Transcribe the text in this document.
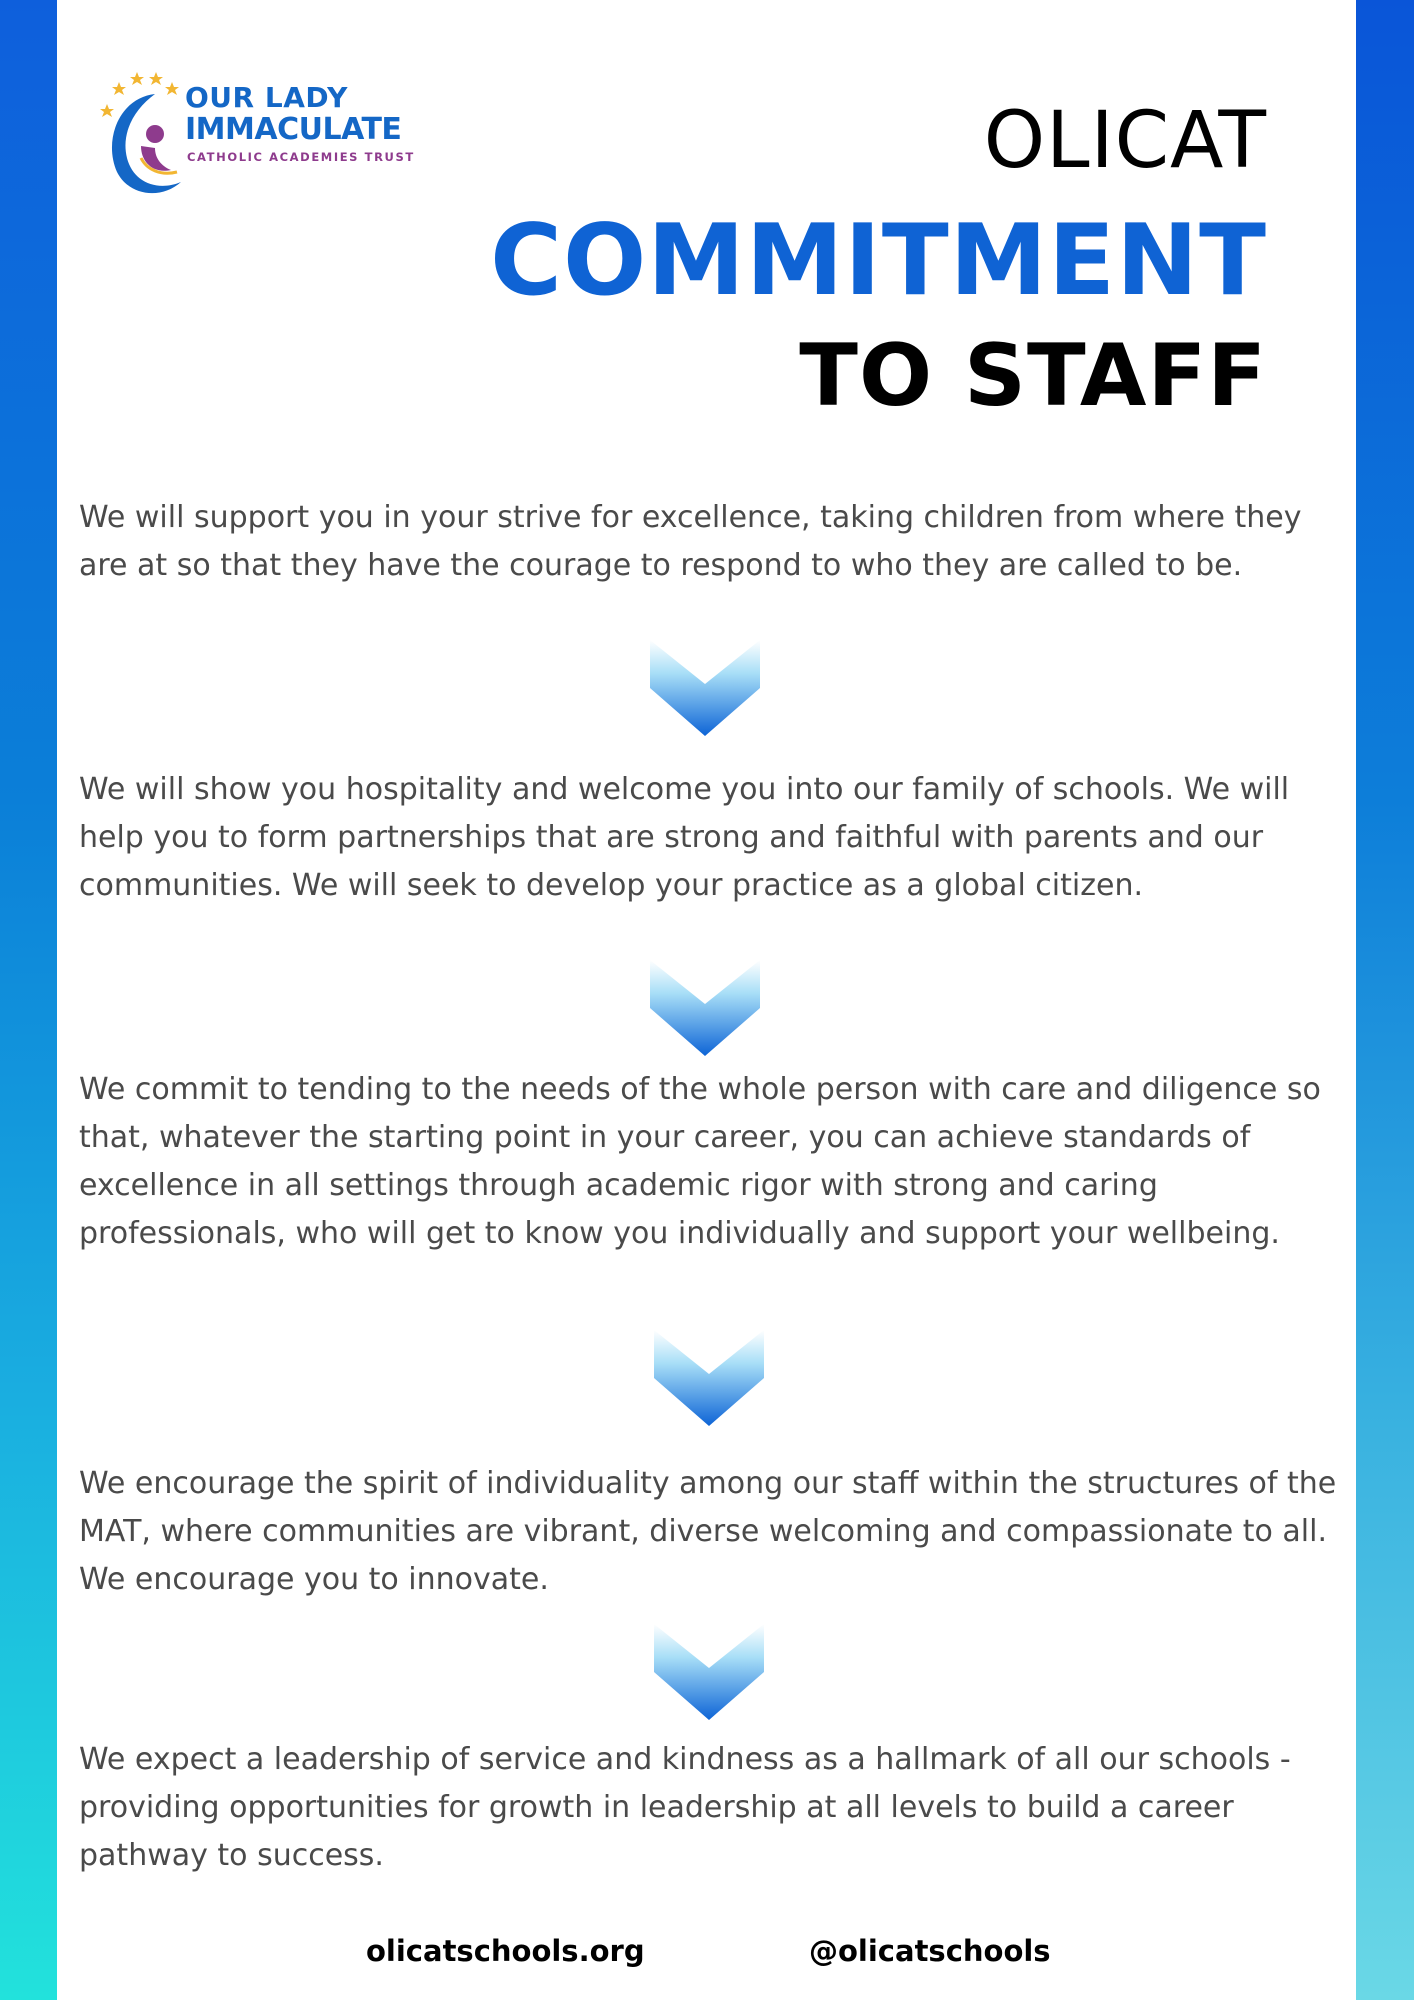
OUR LADY
IMMACULATE
CATHOLIC ACADEMIES TRUST	OLICAT
COMMITMENT
TO STAFF

We will support you in your strive for excellence, taking children from where they are at so that they have the courage to respond to who they are called to be.

We will show you hospitality and welcome you into our family of schools. We will help you to form partnerships that are strong and faithful with parents and our communities. We will seek to develop your practice as a global citizen.

We commit to tending to the needs of the whole person with care and diligence so that, whatever the starting point in your career, you can achieve standards of excellence in all settings through academic rigor with strong and caring professionals, who will get to know you individually and support your wellbeing.

We encourage the spirit of individuality among our staff within the structures of the MAT, where communities are vibrant, diverse welcoming and compassionate to all. We encourage you to innovate.

We expect a leadership of service and kindness as a hallmark of all our schools - providing opportunities for growth in leadership at all levels to build a career pathway to success.

olicatschools.org	@olicatschools
